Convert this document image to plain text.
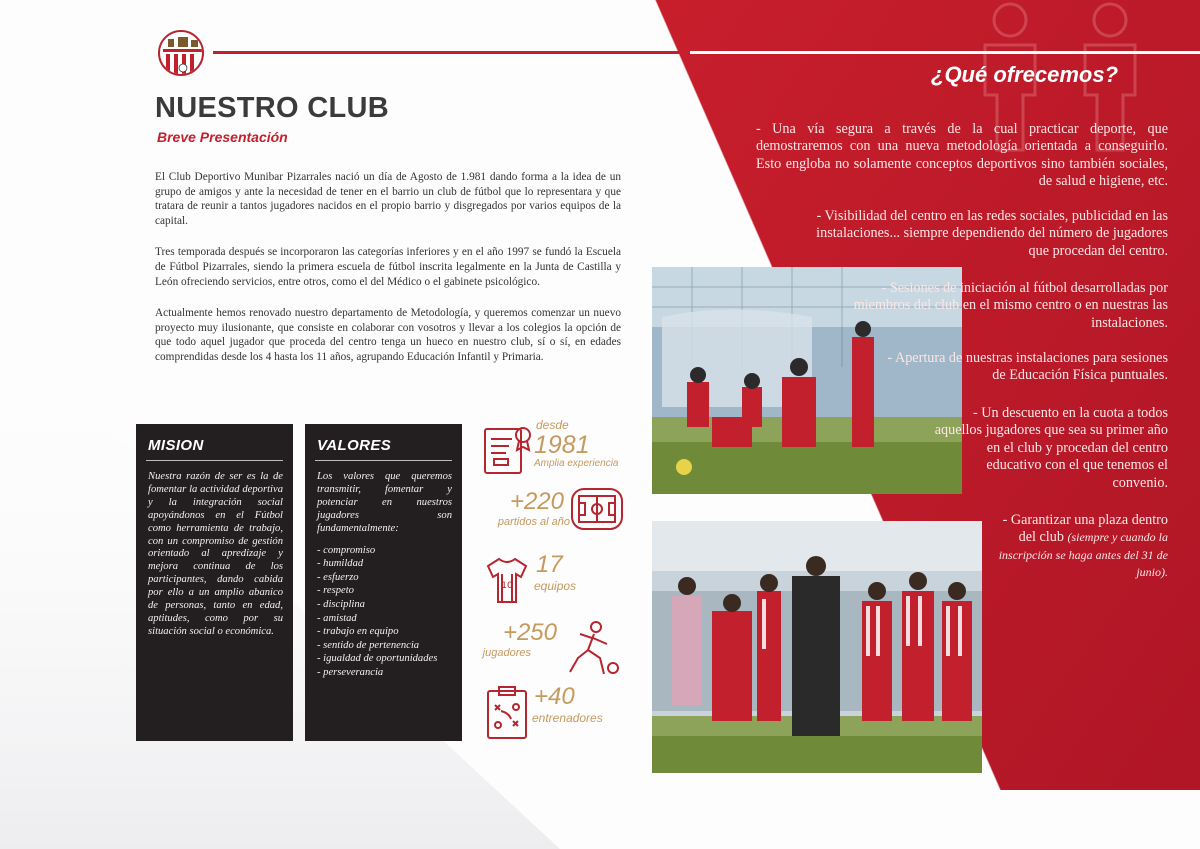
NUESTRO CLUB
Breve Presentación

El Club Deportivo Munibar Pizarrales nació un día de Agosto de 1.981 dando forma a la idea de un grupo de amigos y ante la necesidad de tener en el barrio un club de fútbol que lo representara y que tratara de reunir a tantos jugadores nacidos en el propio barrio y disgregados por varios equipos de la capital.

Tres temporada después se incorporaron las categorías inferiores y en el año 1997 se fundó la Escuela de Fútbol Pizarrales, siendo la primera escuela de fútbol inscrita legalmente en la Junta de Castilla y León ofreciendo servicios, entre otros, como el del Médico o el gabinete psicológico.

Actualmente hemos renovado nuestro departamento de Metodología, y queremos comenzar un nuevo proyecto muy ilusionante, que consiste en colaborar con vosotros y llevar a los colegios la opción de que todo aquel jugador que proceda del centro tenga un hueco en nuestro club, sí o sí, en edades comprendidas desde los 4 hasta los 11 años, agrupando Educación Infantil y Primaria.

MISION

Nuestra razón de ser es la de fomentar la actividad deportiva y la integración social apoyándonos en el Fútbol como herramienta de trabajo, con un compromiso de gestión orientado al apredizaje y mejora continua de los participantes, dando cabida por ello a un amplio abanico de personas, tanto en edad, aptitudes, como por su situación social o económica.

VALORES

Los valores que queremos transmitir, fomentar y potenciar en nuestros jugadores son fundamentalmente:

- compromiso
- humildad
- esfuerzo
- respeto
- disciplina
- amistad
- trabajo en equipo
- sentido de pertenencia
- igualdad de oportunidades
- perseverancia
desde
1981
Amplia experiencia
+220
partidos al año
10
17
equipos
+250
jugadores
+40
entrenadores
¿Qué ofrecemos?

- Una vía segura a través de la cual practicar deporte, que demostraremos con una nueva metodología orientada a conseguirlo. Esto engloba no solamente conceptos deportivos sino también sociales, de salud e higiene, etc.

- Visibilidad del centro en las redes sociales, publicidad en las instalaciones... siempre dependiendo del número de jugadores que procedan del centro.

- Sesiones de iniciación al fútbol desarrolladas por miembros del club en el mismo centro o en nuestras las instalaciones.

- Apertura de nuestras instalaciones para sesiones de Educación Física puntuales.

- Un descuento en la cuota a todos aquellos jugadores que sea su primer año en el club y procedan del centro educativo con el que tenemos el convenio.

- Garantizar una plaza dentro del club (siempre y cuando la inscripción se haga antes del 31 de junio).
